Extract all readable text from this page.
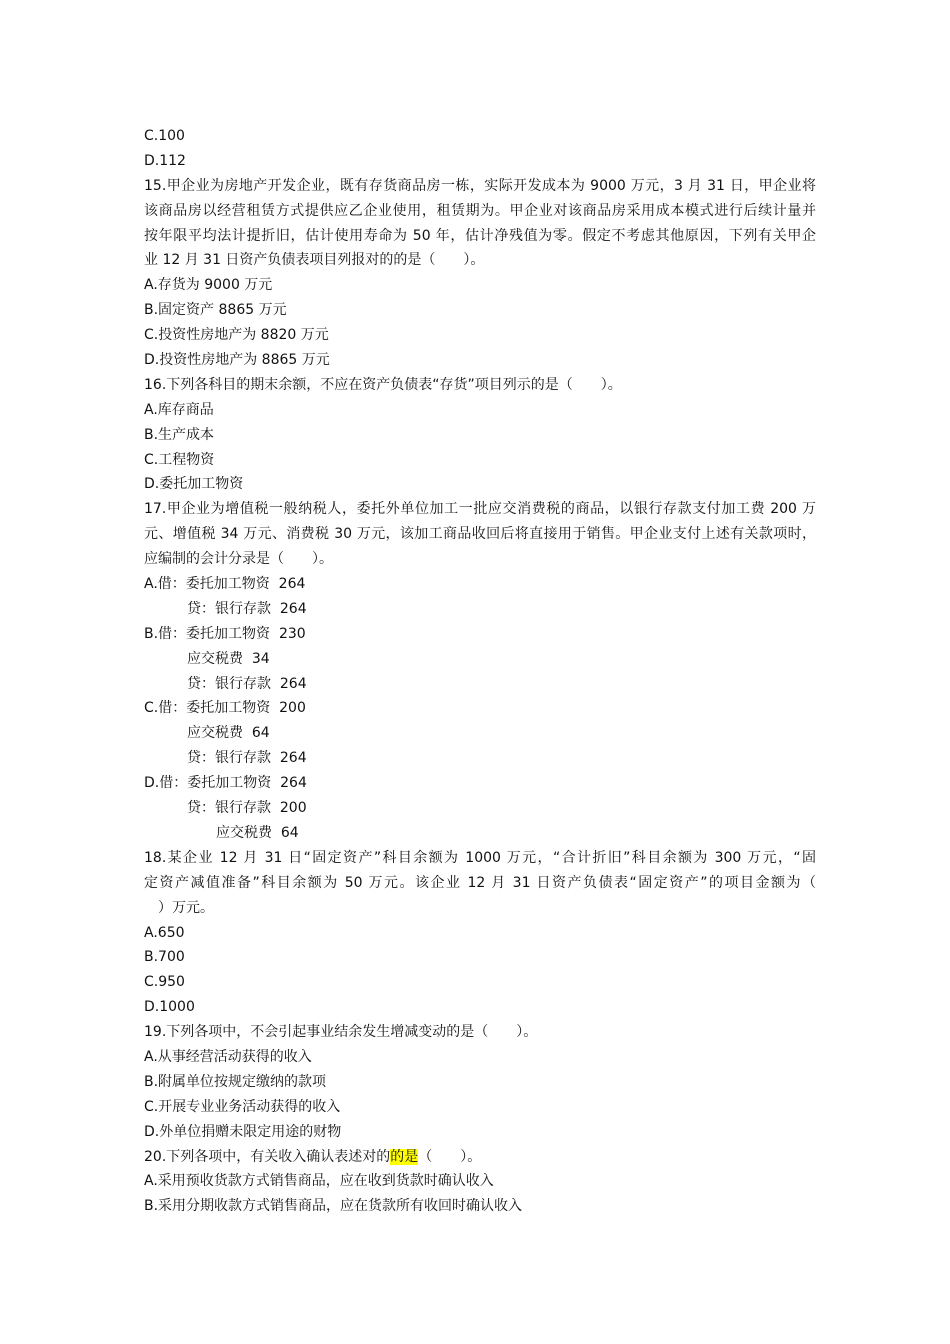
C.100
D.112
15.甲企业为房地产开发企业，既有存货商品房一栋，实际开发成本为 9000 万元，3 月 31 日，甲企业将
该商品房以经营租赁方式提供应乙企业使用，租赁期为。甲企业对该商品房采用成本模式进行后续计量并
按年限平均法计提折旧，估计使用寿命为 50 年，估计净残值为零。假定不考虑其他原因，下列有关甲企
业 12 月 31 日资产负债表项目列报对的的是（　　）。
A.存货为 9000 万元
B.固定资产 8865 万元
C.投资性房地产为 8820 万元
D.投资性房地产为 8865 万元
16.下列各科目的期末余额，不应在资产负债表“存货”项目列示的是（　　）。
A.库存商品
B.生产成本
C.工程物资
D.委托加工物资
17.甲企业为增值税一般纳税人，委托外单位加工一批应交消费税的商品，以银行存款支付加工费 200 万
元、增值税 34 万元、消费税 30 万元，该加工商品收回后将直接用于销售。甲企业支付上述有关款项时，
应编制的会计分录是（　　）。
A.借：委托加工物资  264
贷：银行存款  264
B.借：委托加工物资  230
应交税费  34
贷：银行存款  264
C.借：委托加工物资  200
应交税费  64
贷：银行存款  264
D.借：委托加工物资  264
贷：银行存款  200
应交税费  64
18.某企业 12 月 31 日“固定资产”科目余额为 1000 万元，“合计折旧”科目余额为 300 万元，“固
定资产减值准备”科目余额为 50 万元。该企业 12 月 31 日资产负债表“固定资产”的项目金额为（
　）万元。
A.650
B.700
C.950
D.1000
19.下列各项中，不会引起事业结余发生增减变动的是（　　）。
A.从事经营活动获得的收入
B.附属单位按规定缴纳的款项
C.开展专业业务活动获得的收入
D.外单位捐赠未限定用途的财物
20.下列各项中，有关收入确认表述对的的是（　　）。
A.采用预收货款方式销售商品，应在收到货款时确认收入
B.采用分期收款方式销售商品，应在货款所有收回时确认收入
